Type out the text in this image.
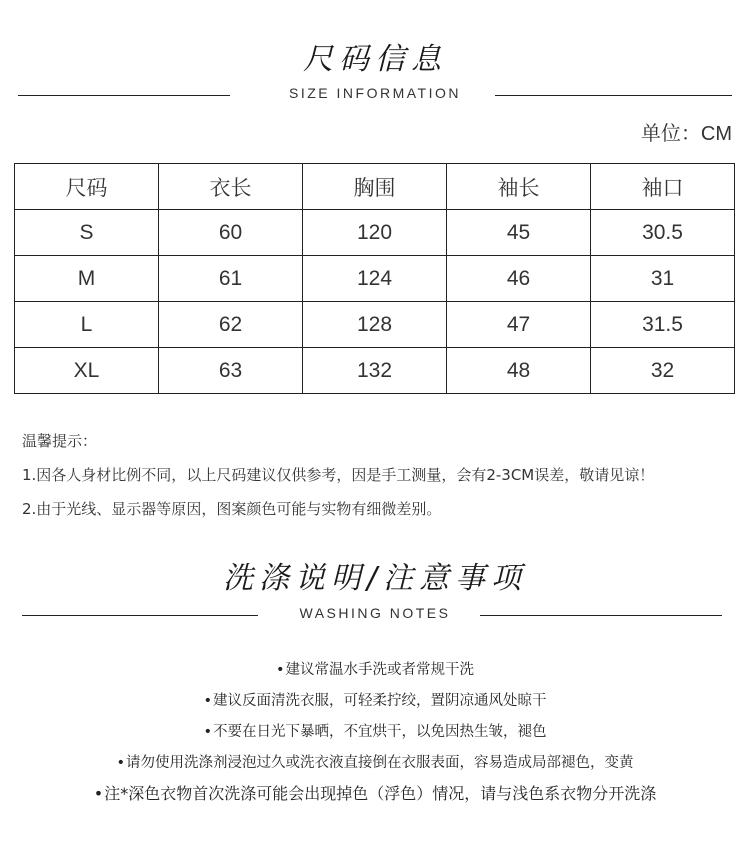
尺码信息
SIZE INFORMATION
单位：CM
尺码	衣长	胸围	袖长	袖口
S	60	120	45	30.5
M	61	124	46	31
L	62	128	47	31.5
XL	63	132	48	32
温馨提示：
1.因各人身材比例不同，以上尺码建议仅供参考，因是手工测量，会有2-3CM误差，敬请见谅！
2.由于光线、显示器等原因，图案颜色可能与实物有细微差别。
洗涤说明/注意事项
WASHING NOTES
•建议常温水手洗或者常规干洗
•建议反面清洗衣服，可轻柔拧绞，置阴凉通风处晾干
•不要在日光下暴晒，不宜烘干，以免因热生皱，褪色
•请勿使用洗涤剂浸泡过久或洗衣液直接倒在衣服表面，容易造成局部褪色，变黄
•注*深色衣物首次洗涤可能会出现掉色（浮色）情况，请与浅色系衣物分开洗涤
